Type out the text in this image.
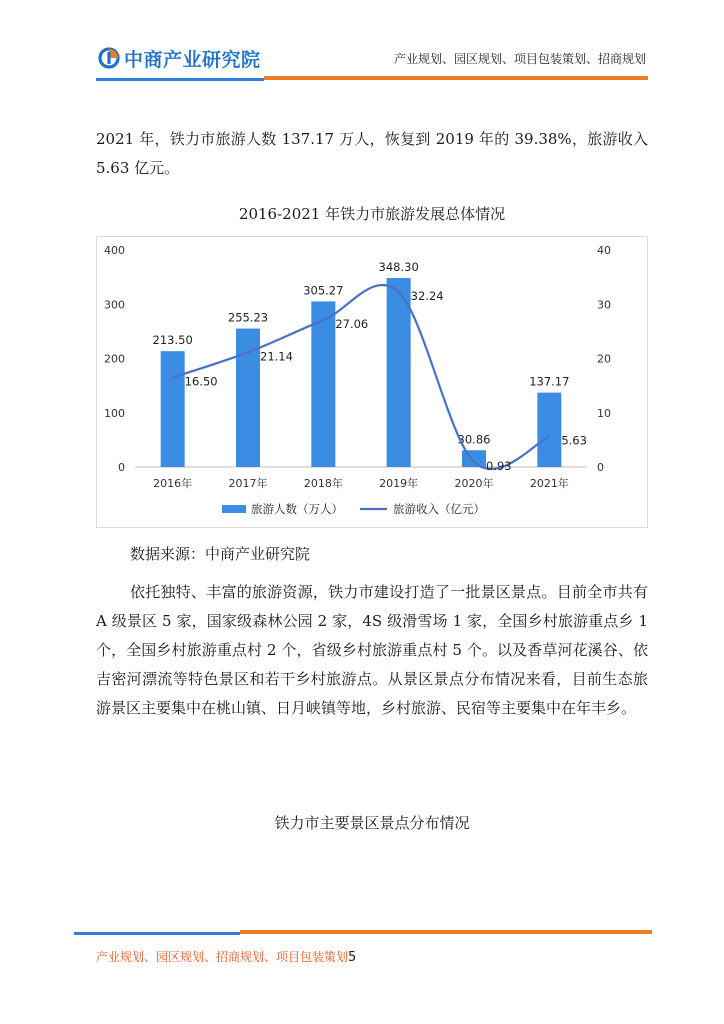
中商产业研究院	产业规划、园区规划、项目包装策划、招商规划

2021 年，铁力市旅游人数 137.17 万人，恢复到 2019 年的 39.38%，旅游收入 5.63 亿元。

2016-2021 年铁力市旅游发展总体情况
0
100
200
300
400
0
10
20
30
40
213.50
255.23
305.27
348.30
30.86
137.17
2016年	2017年	2018年	2019年	2020年	2021年
16.50
21.14
27.06
32.24
0.93
5.63
旅游人数（万人）	旅游收入（亿元）
数据来源：中商产业研究院

依托独特、丰富的旅游资源，铁力市建设打造了一批景区景点。目前全市共有 A 级景区 5 家，国家级森林公园 2 家，4S 级滑雪场 1 家，全国乡村旅游重点乡 1 个，全国乡村旅游重点村 2 个，省级乡村旅游重点村 5 个。以及香草河花溪谷、依吉密河漂流等特色景区和若干乡村旅游点。从景区景点分布情况来看，目前生态旅游景区主要集中在桃山镇、日月峡镇等地，乡村旅游、民宿等主要集中在年丰乡。

铁力市主要景区景点分布情况
产业规划、园区规划、招商规划、项目包装策划5
